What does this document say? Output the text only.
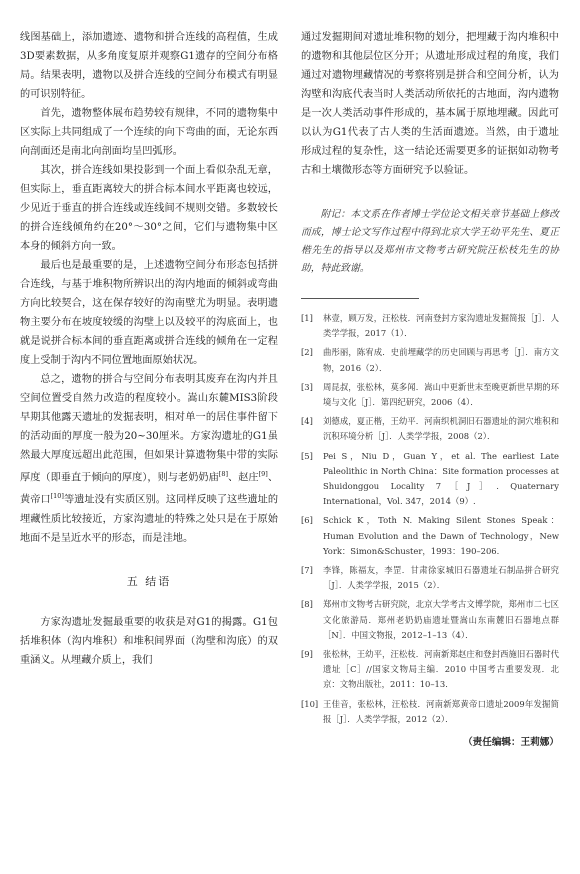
线图基础上，添加遗迹、遗物和拼合连线的高程值，生成3D要素数据，从多角度复原并观察G1遗存的空间分布格局。结果表明，遗物以及拼合连线的空间分布模式有明显的可识别特征。

首先，遗物整体展布趋势较有规律，不同的遗物集中区实际上共同组成了一个连续的向下弯曲的面，无论东西向剖面还是南北向剖面均呈凹弧形。

其次，拼合连线如果投影到一个面上看似杂乱无章，但实际上，垂直距离较大的拼合标本间水平距离也较远，少见近于垂直的拼合连线或连线间不规则交错。多数较长的拼合连线倾角约在20°～30°之间，它们与遗物集中区本身的倾斜方向一致。

最后也是最重要的是，上述遗物空间分布形态包括拼合连线，与基于堆积物所辨识出的沟内地面的倾斜或弯曲方向比较契合，这在保存较好的沟南壁尤为明显。表明遗物主要分布在坡度较缓的沟壁上以及较平的沟底面上，也就是说拼合标本间的垂直距离或拼合连线的倾角在一定程度上受制于沟内不同位置地面原始状况。

总之，遗物的拼合与空间分布表明其废弃在沟内并且空间位置受自然力改造的程度较小。嵩山东麓MIS3阶段早期其他露天遗址的发掘表明，相对单一的居住事件留下的活动面的厚度一般为20~30厘米。方家沟遗址的G1虽然最大厚度远超出此范围，但如果计算遗物集中带的实际厚度（即垂直于倾向的厚度），则与老奶奶庙[8]、赵庄[9]、黄帝口[10]等遗址没有实质区别。这同样反映了这些遗址的埋藏性质比较接近，方家沟遗址的特殊之处只是在于原始地面不是呈近水平的形态，而是洼地。

五 结语

方家沟遗址发掘最重要的收获是对G1的揭露。G1包括堆积体（沟内堆积）和堆积间界面（沟壁和沟底）的双重涵义。从埋藏介质上，我们

通过发掘期间对遗址堆积物的划分，把埋藏于沟内堆积中的遗物和其他层位区分开；从遗址形成过程的角度，我们通过对遗物埋藏情况的考察将别是拼合和空间分析，认为沟壁和沟底代表当时人类活动所依托的古地面，沟内遗物是一次人类活动事件形成的，基本属于原地埋藏。因此可以认为G1代表了古人类的生活面遗迹。当然，由于遗址形成过程的复杂性，这一结论还需要更多的证据如动物考古和土壤微形态等方面研究予以验证。

附记：本文系在作者博士学位论文相关章节基础上修改而成，博士论文写作过程中得到北京大学王幼平先生、夏正楷先生的指导以及郑州市文物考古研究院汪松枝先生的协助，特此致谢。

[1] 林壹，顾万发，汪松枝．河南登封方家沟遗址发掘简报［J］．人类学学报，2017（1）．
[2] 曲彤丽，陈宥成．史前埋藏学的历史回顾与再思考［J］．南方文物，2016（2）．
[3] 周昆叔，张松林，莫多闻．嵩山中更新世末至晚更新世早期的环境与文化［J］．第四纪研究，2006（4）．
[4] 刘德成，夏正楷，王幼平．河南织机洞旧石器遗址的洞穴堆积和沉积环境分析［J］．人类学学报，2008（2）．
[5] Pei S，Niu D，Guan Y，et al. The earliest Late Paleolithic in North China：Site formation processes at Shuidonggou Locality 7［J］. Quaternary International，Vol. 347，2014（9）.
[6] Schick K，Toth N. Making Silent Stones Speak：Human Evolution and the Dawn of Technology，New York：Simon&Schuster，1993：190–206.
[7] 李锋，陈福友，李罡．甘肃徐家城旧石器遗址石制品拼合研究［J］．人类学学报，2015（2）．
[8] 郑州市文物考古研究院，北京大学考古文博学院，郑州市二七区文化旅游局．郑州老奶奶庙遗址暨嵩山东南麓旧石器地点群［N］．中国文物报，2012–1–13（4）．
[9] 张松林，王幼平，汪松枝．河南新郑赵庄和登封西施旧石器时代遗址［C］//国家文物局主编．2010 中国考古重要发现．北京：文物出版社，2011：10–13．
[10] 王佳音，张松林，汪松枝．河南新郑黄帝口遗址2009年发掘简报［J］．人类学学报，2012（2）．
（责任编辑：王莉娜）
